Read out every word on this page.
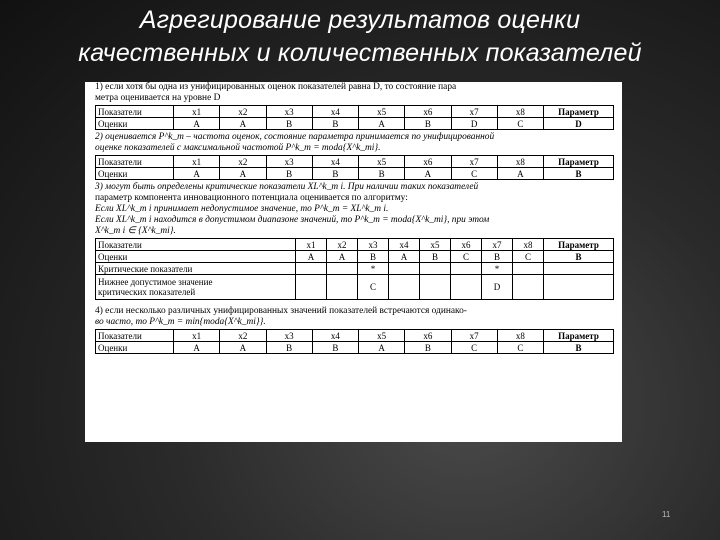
Агрегирование результатов оценки
качественных и количественных показателей

1) если хотя бы одна из унифицированных оценок показателей равна D, то состояние пара

метра оценивается на уровне D

Показатели	x1	x2	x3	x4	x5	x6	x7	x8	Параметр
Оценки	A	A	B	B	A	B	D	C	D

2) оценивается P^k_m – частота оценок, состояние параметра принимается по унифицированной

оценке показателей с максимальной частотой P^k_m = moda{X^k_mi}.

Показатели	x1	x2	x3	x4	x5	x6	x7	x8	Параметр
Оценки	A	A	B	B	B	A	C	A	B

3) могут быть определены критические показатели X̄L^k_m i. При наличии таких показателей

параметр компонента инновационного потенциала оценивается по алгоритму:

Если X̄L^k_m i принимает недопустимое значение, то P^k_m = X̄L^k_m i.

Если X̄L^k_m i находится в допустимом диапазоне значений, то P^k_m = moda{X^k_mi}, при этом

X^k_m i ∈ {X^k_mi}.

Показатели	x1	x2	x3	x4	x5	x6	x7	x8	Параметр
Оценки	A	A	B	A	B	C	B	C	B
Критические показатели			*				*		

Нижнее допустимое значение
критических показателей			C				D		

4) если несколько различных унифицированных значений показателей встречаются одинако-

во часто, то P^k_m = min{moda{X^k_mi}}.

Показатели	x1	x2	x3	x4	x5	x6	x7	x8	Параметр
Оценки	A	A	B	B	A	B	C	C	B
11
